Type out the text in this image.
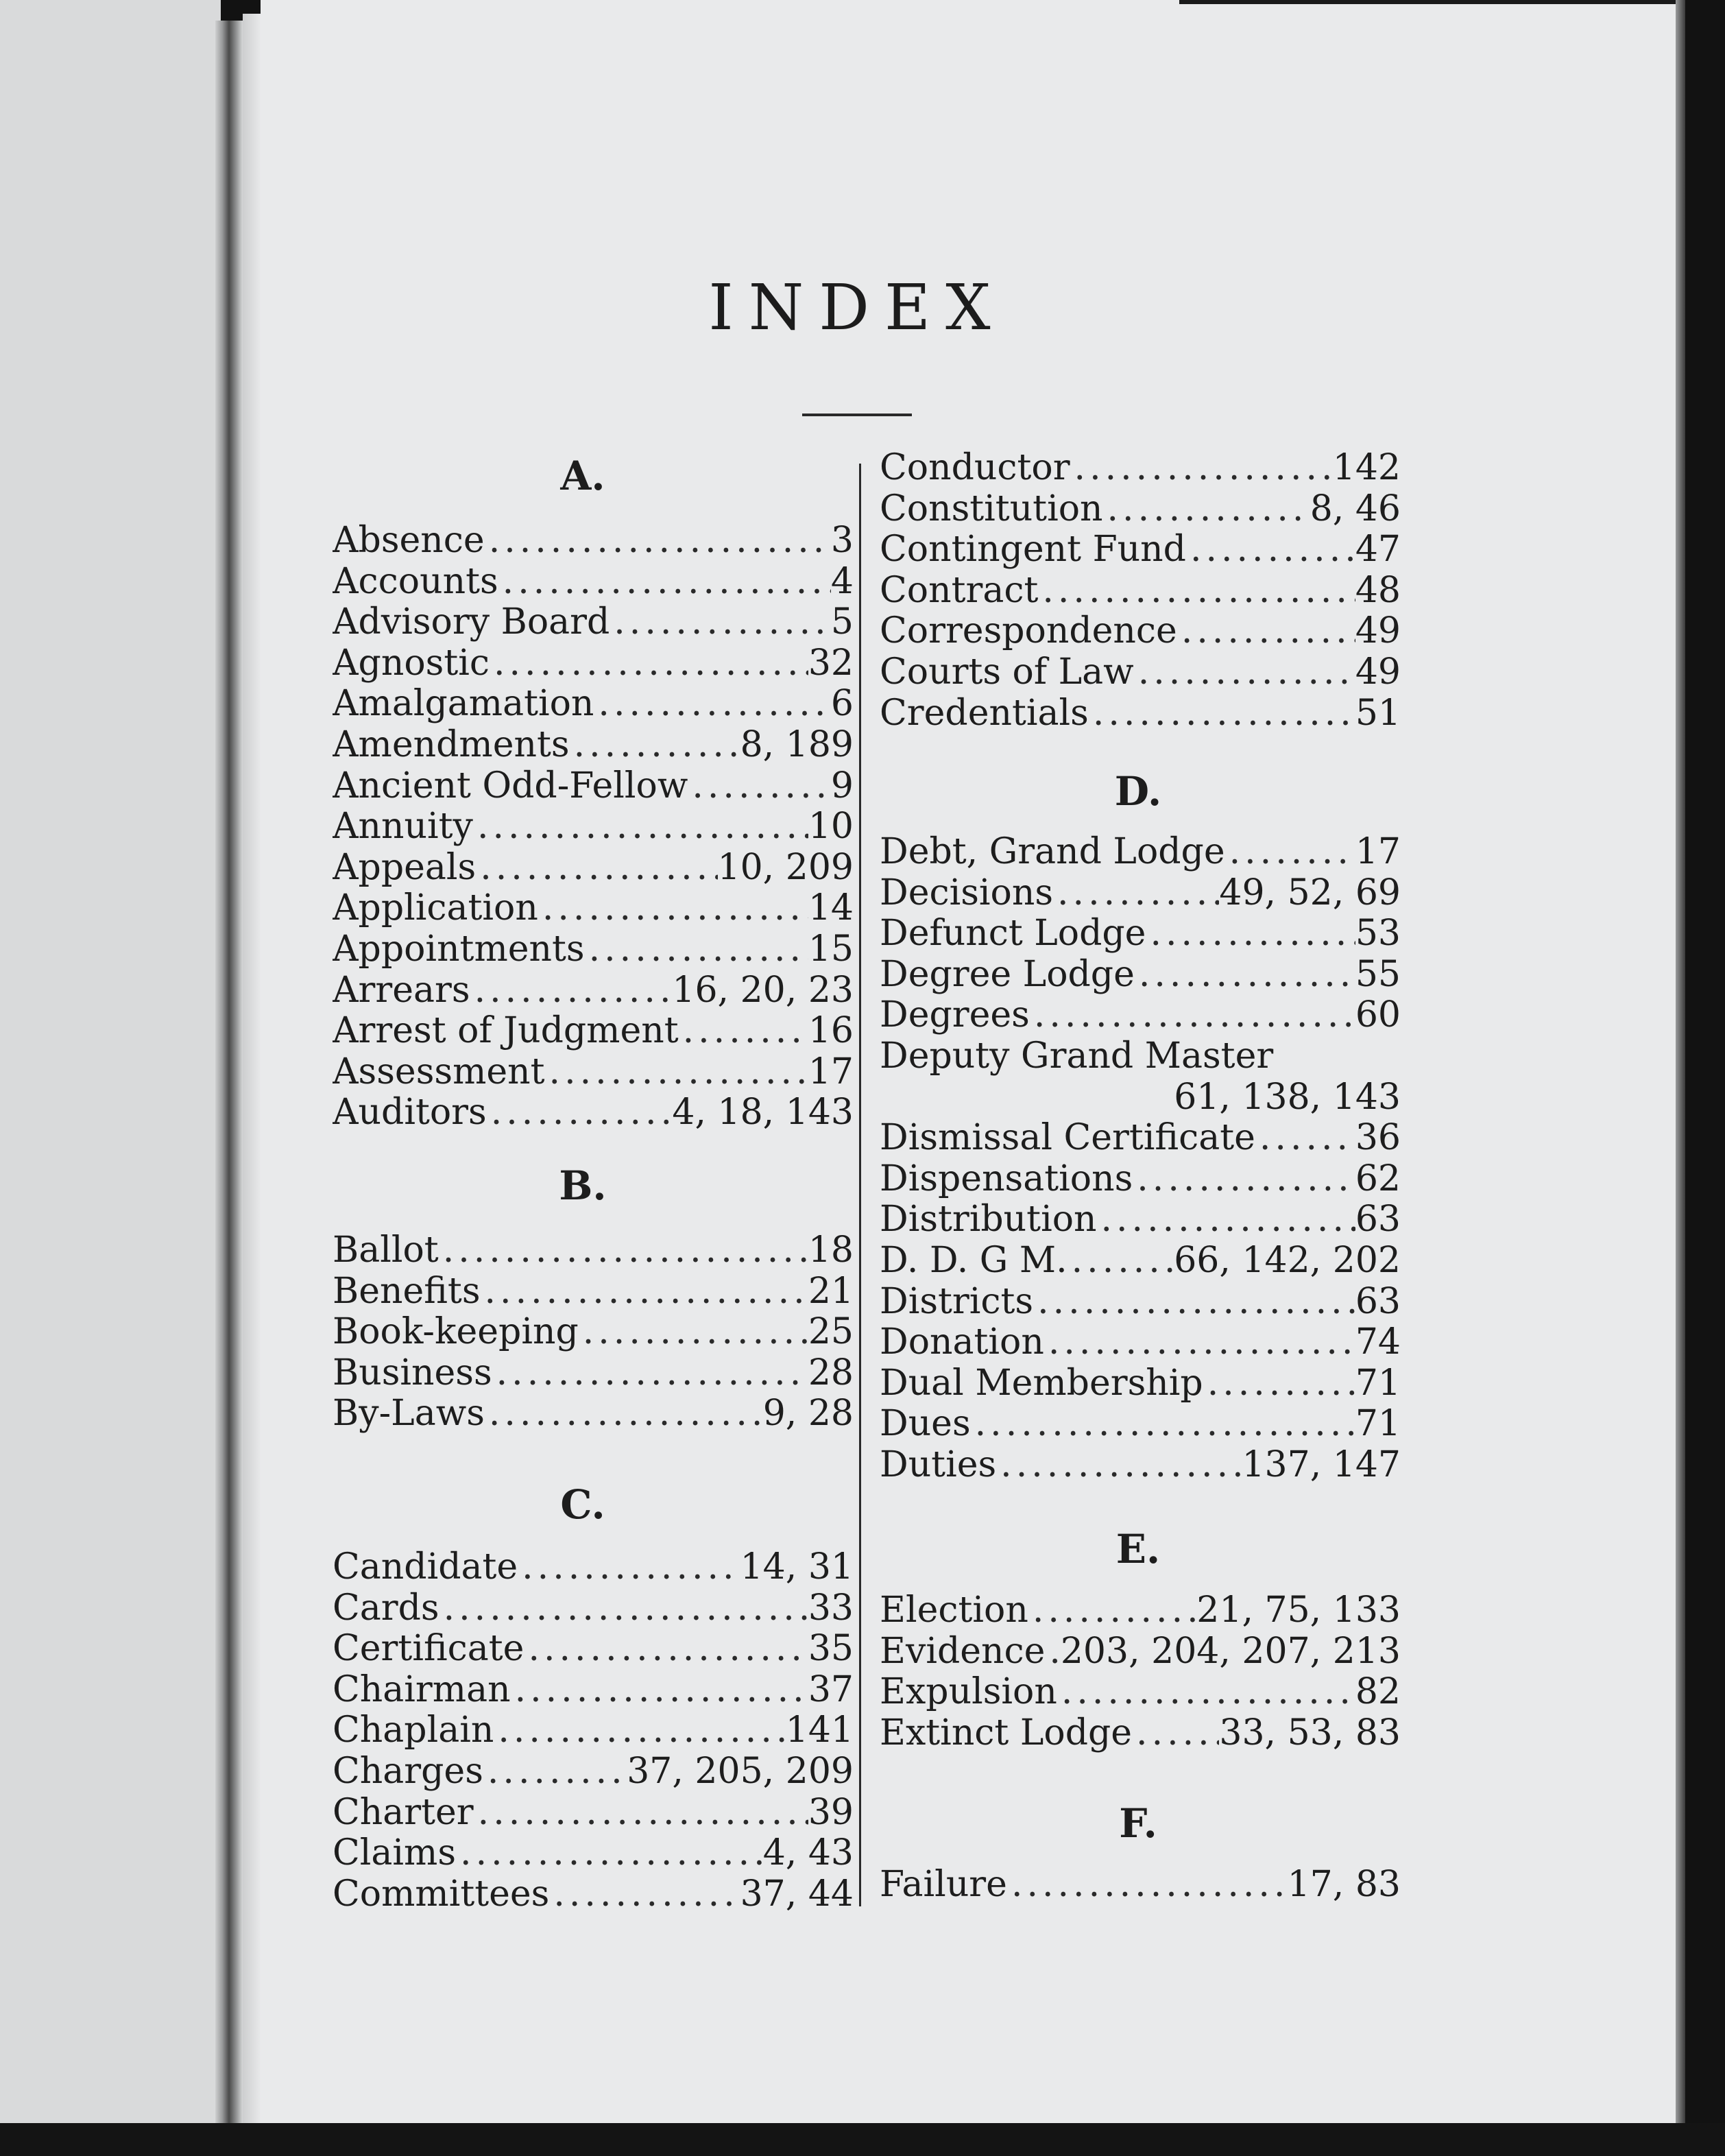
INDEX
A.
Absence .....	3
Accounts .....	4
Advisory Board .....	5
Agnostic .....	32
Amalgamation .....	6
Amendments .....	8, 189
Ancient Odd-Fellow .....	9
Annuity .....	10
Appeals .....	10, 209
Application .....	14
Appointments .....	15
Arrears .....	16, 20, 23
Arrest of Judgment .....	16
Assessment .....	17
Auditors .....	4, 18, 143
B.
Ballot .....	18
Benefits .....	21
Book-keeping .....	25
Business .....	28
By-Laws .....	9, 28
C.
Candidate .....	14, 31
Cards .....	33
Certificate .....	35
Chairman .....	37
Chaplain .....	141
Charges .....	37, 205, 209
Charter .....	39
Claims .....	4, 43
Committees .....	37, 44
Conductor .....	142
Constitution .....	8, 46
Contingent Fund .....	47
Contract .....	48
Correspondence .....	49
Courts of Law .....	49
Credentials .....	51
D.
Debt, Grand Lodge .....	17
Decisions .....	49, 52, 69
Defunct Lodge .....	53
Degree Lodge .....	55
Degrees .....	60
Deputy Grand Master
61, 138, 143
Dismissal Certificate .....	36
Dispensations .....	62
Distribution .....	63
D. D. G M. .....	66, 142, 202
Districts .....	63
Donation .....	74
Dual Membership .....	71
Dues .....	71
Duties .....	137, 147
E.
Election .....	21, 75, 133
Evidence ..... 203, 204, 207, 213
Expulsion .....	82
Extinct Lodge ..... 33, 53, 83
F.
Failure .....	17, 83
